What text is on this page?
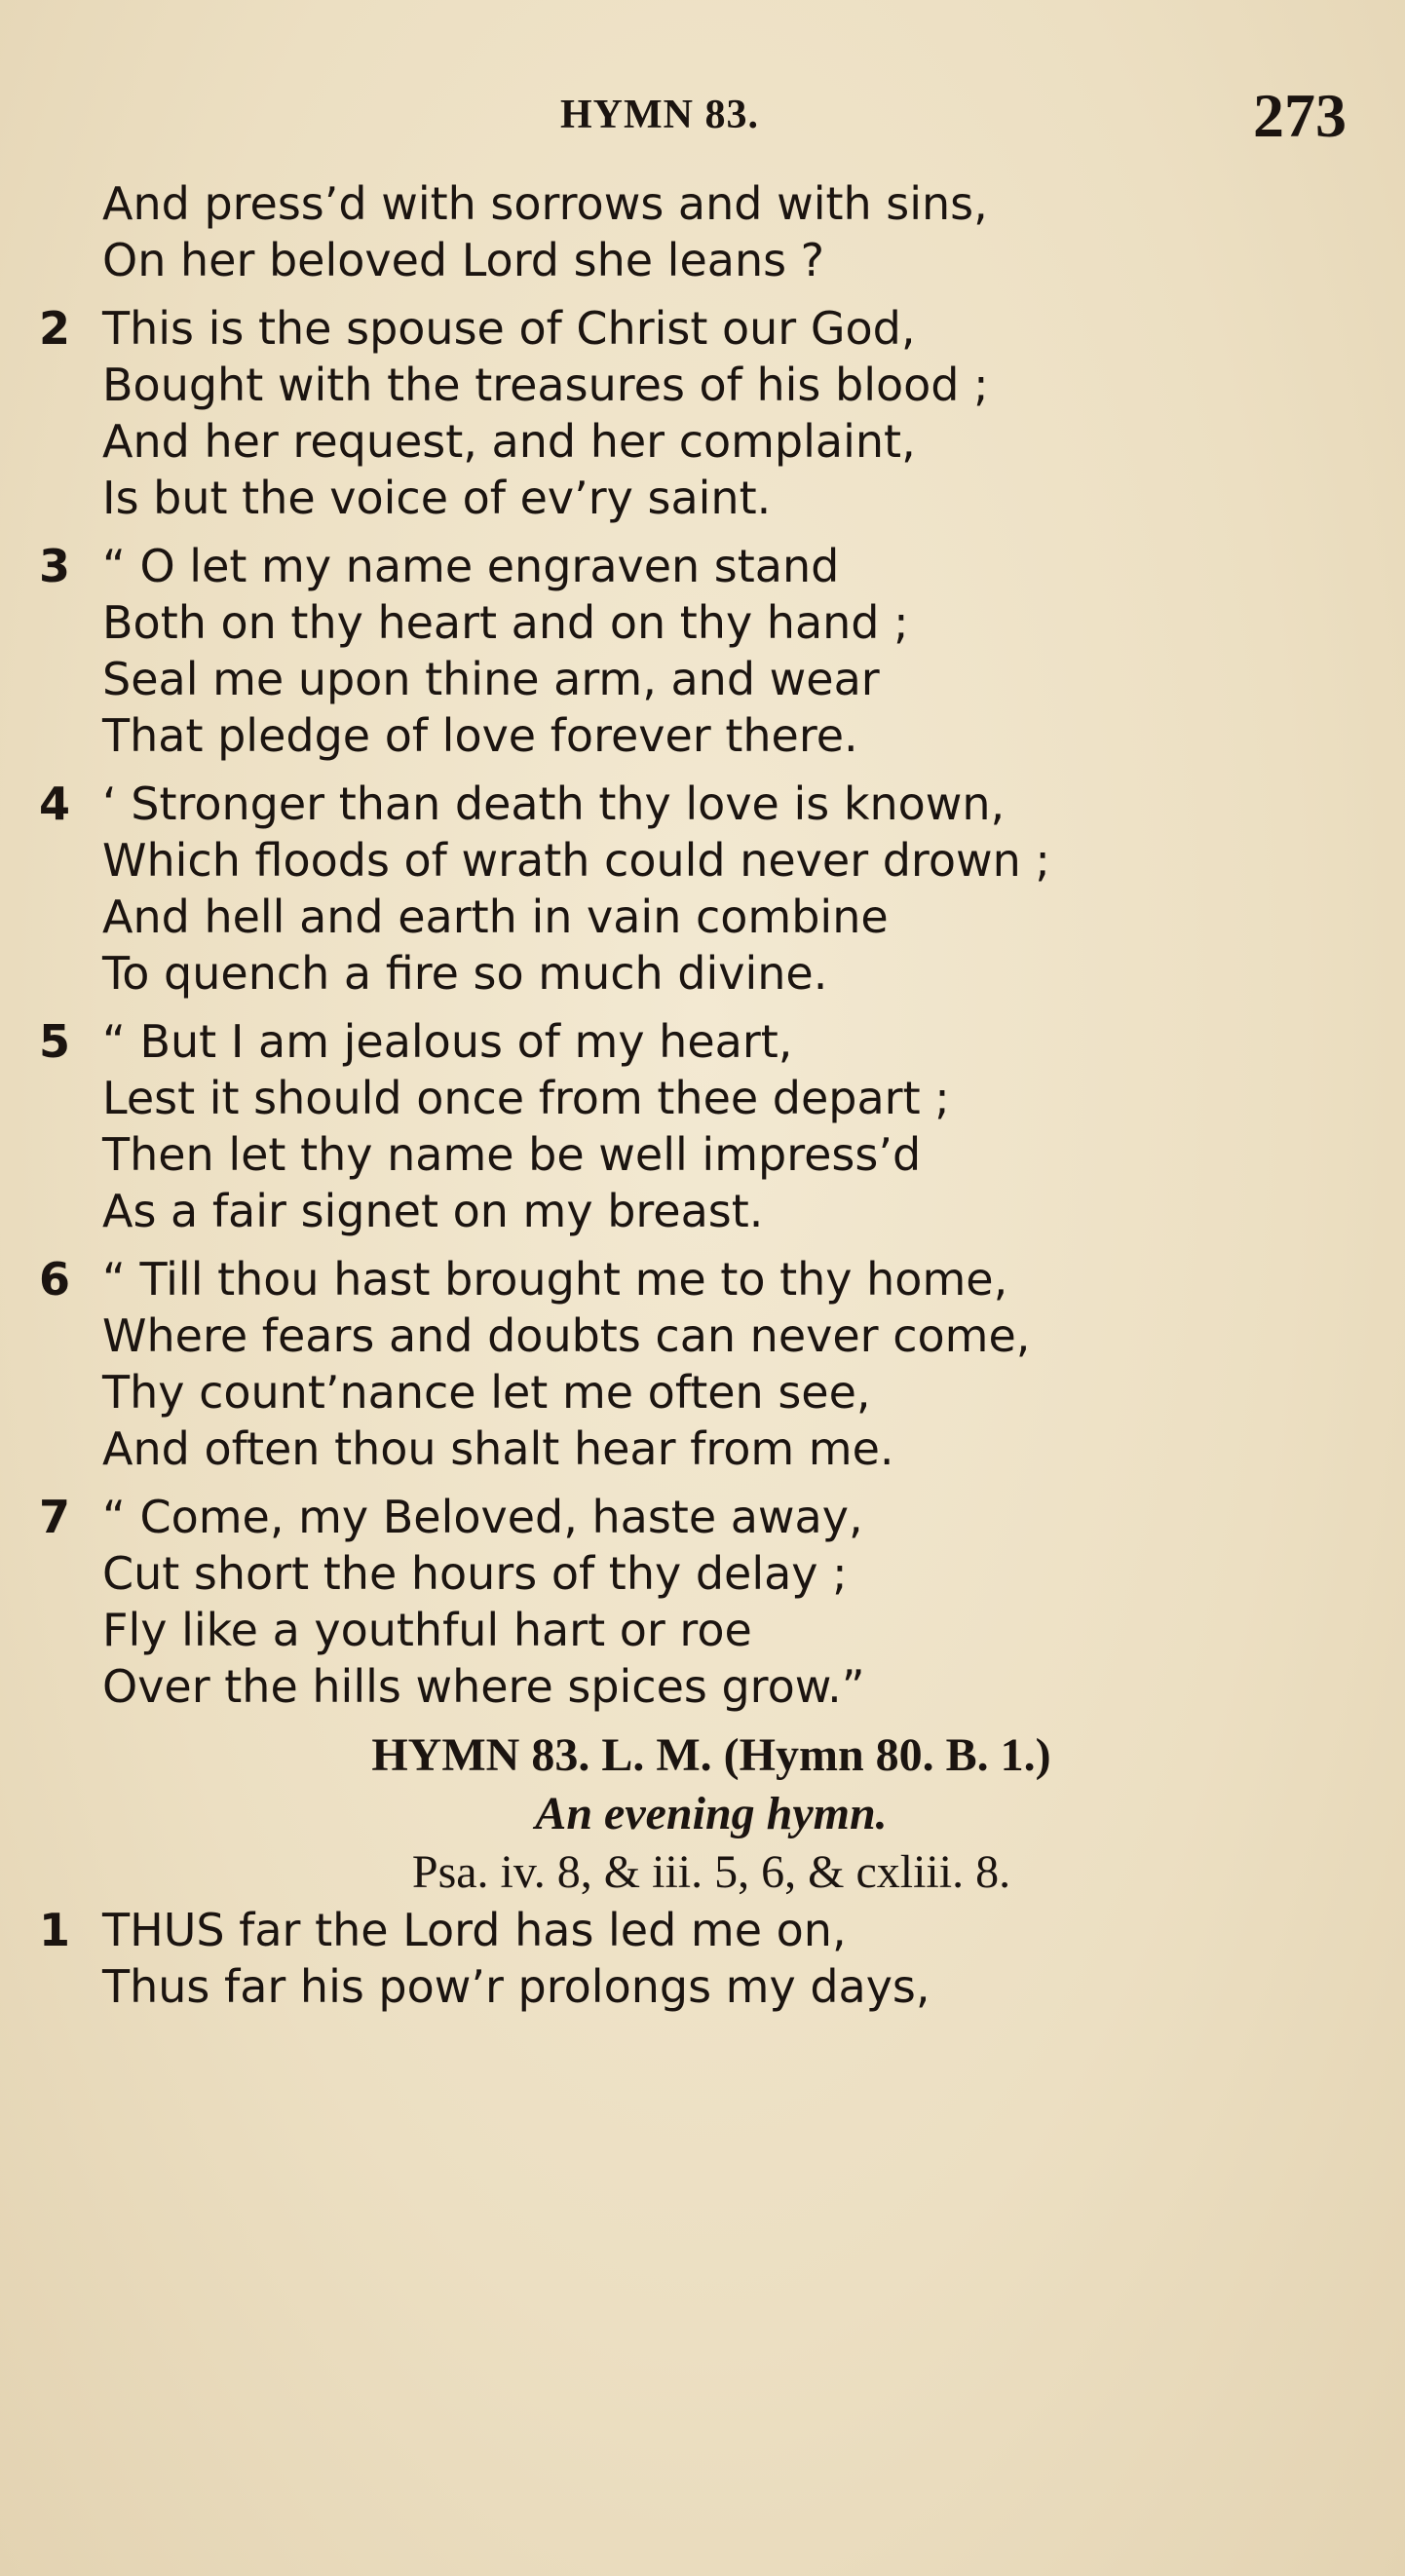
HYMN 83.	273
And press’d with sorrows and with sins,
On her beloved Lord she leans ?
2 This is the spouse of Christ our God,
Bought with the treasures of his blood ;
And her request, and her complaint,
Is but the voice of ev’ry saint.
3 “ O let my name engraven stand
Both on thy heart and on thy hand ;
Seal me upon thine arm, and wear
That pledge of love forever there.
4 ‘ Stronger than death thy love is known,
Which floods of wrath could never drown ;
And hell and earth in vain combine
To quench a fire so much divine.
5 “ But I am jealous of my heart,
Lest it should once from thee depart ;
Then let thy name be well impress’d
As a fair signet on my breast.
6 “ Till thou hast brought me to thy home,
Where fears and doubts can never come,
Thy count’nance let me often see,
And often thou shalt hear from me.
7 “ Come, my Beloved, haste away,
Cut short the hours of thy delay ;
Fly like a youthful hart or roe
Over the hills where spices grow.”
HYMN 83. L. M. (Hymn 80. B. 1.)
An evening hymn.
Psa. iv. 8, & iii. 5, 6, & cxliii. 8.
1 THUS far the Lord has led me on,
Thus far his pow’r prolongs my days,
